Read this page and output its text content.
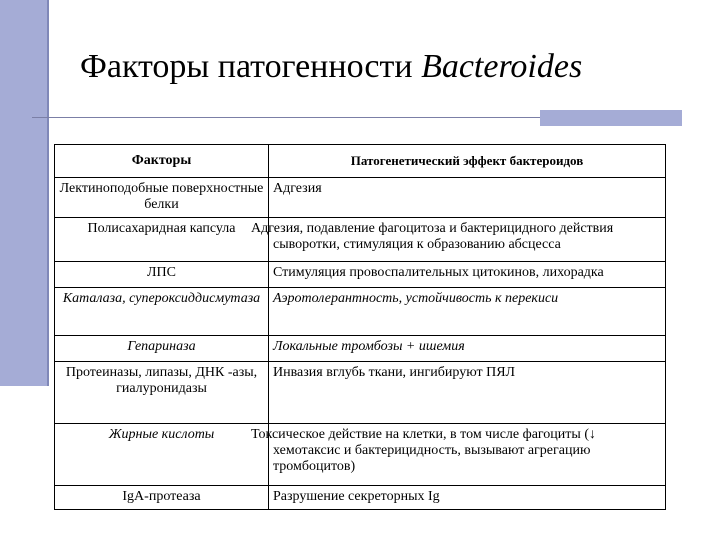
Факторы патогенности Bacteroides
Факторы	Патогенетический эффект бактероидов
Лектиноподобные поверхностные белки	Адгезия
Полисахаридная капсула	Адгезия, подавление фагоцитоза и бактерицидного действия сыворотки, стимуляция к образованию абсцесса
ЛПС	Стимуляция провоспалительных цитокинов, лихорадка
Каталаза, супероксиддисмутаза	Аэротолерантность, устойчивость к перекиси
Гепариназа	Локальные тромбозы + ишемия
Протеиназы, липазы, ДНК -азы, гиалуронидазы	Инвазия вглубь ткани, ингибируют ПЯЛ
Жирные кислоты	Токсическое действие на клетки, в том числе фагоциты (↓ хемотаксис и бактерицидность, вызывают агрегацию тромбоцитов)
IgA-протеаза	Разрушение секреторных Ig
